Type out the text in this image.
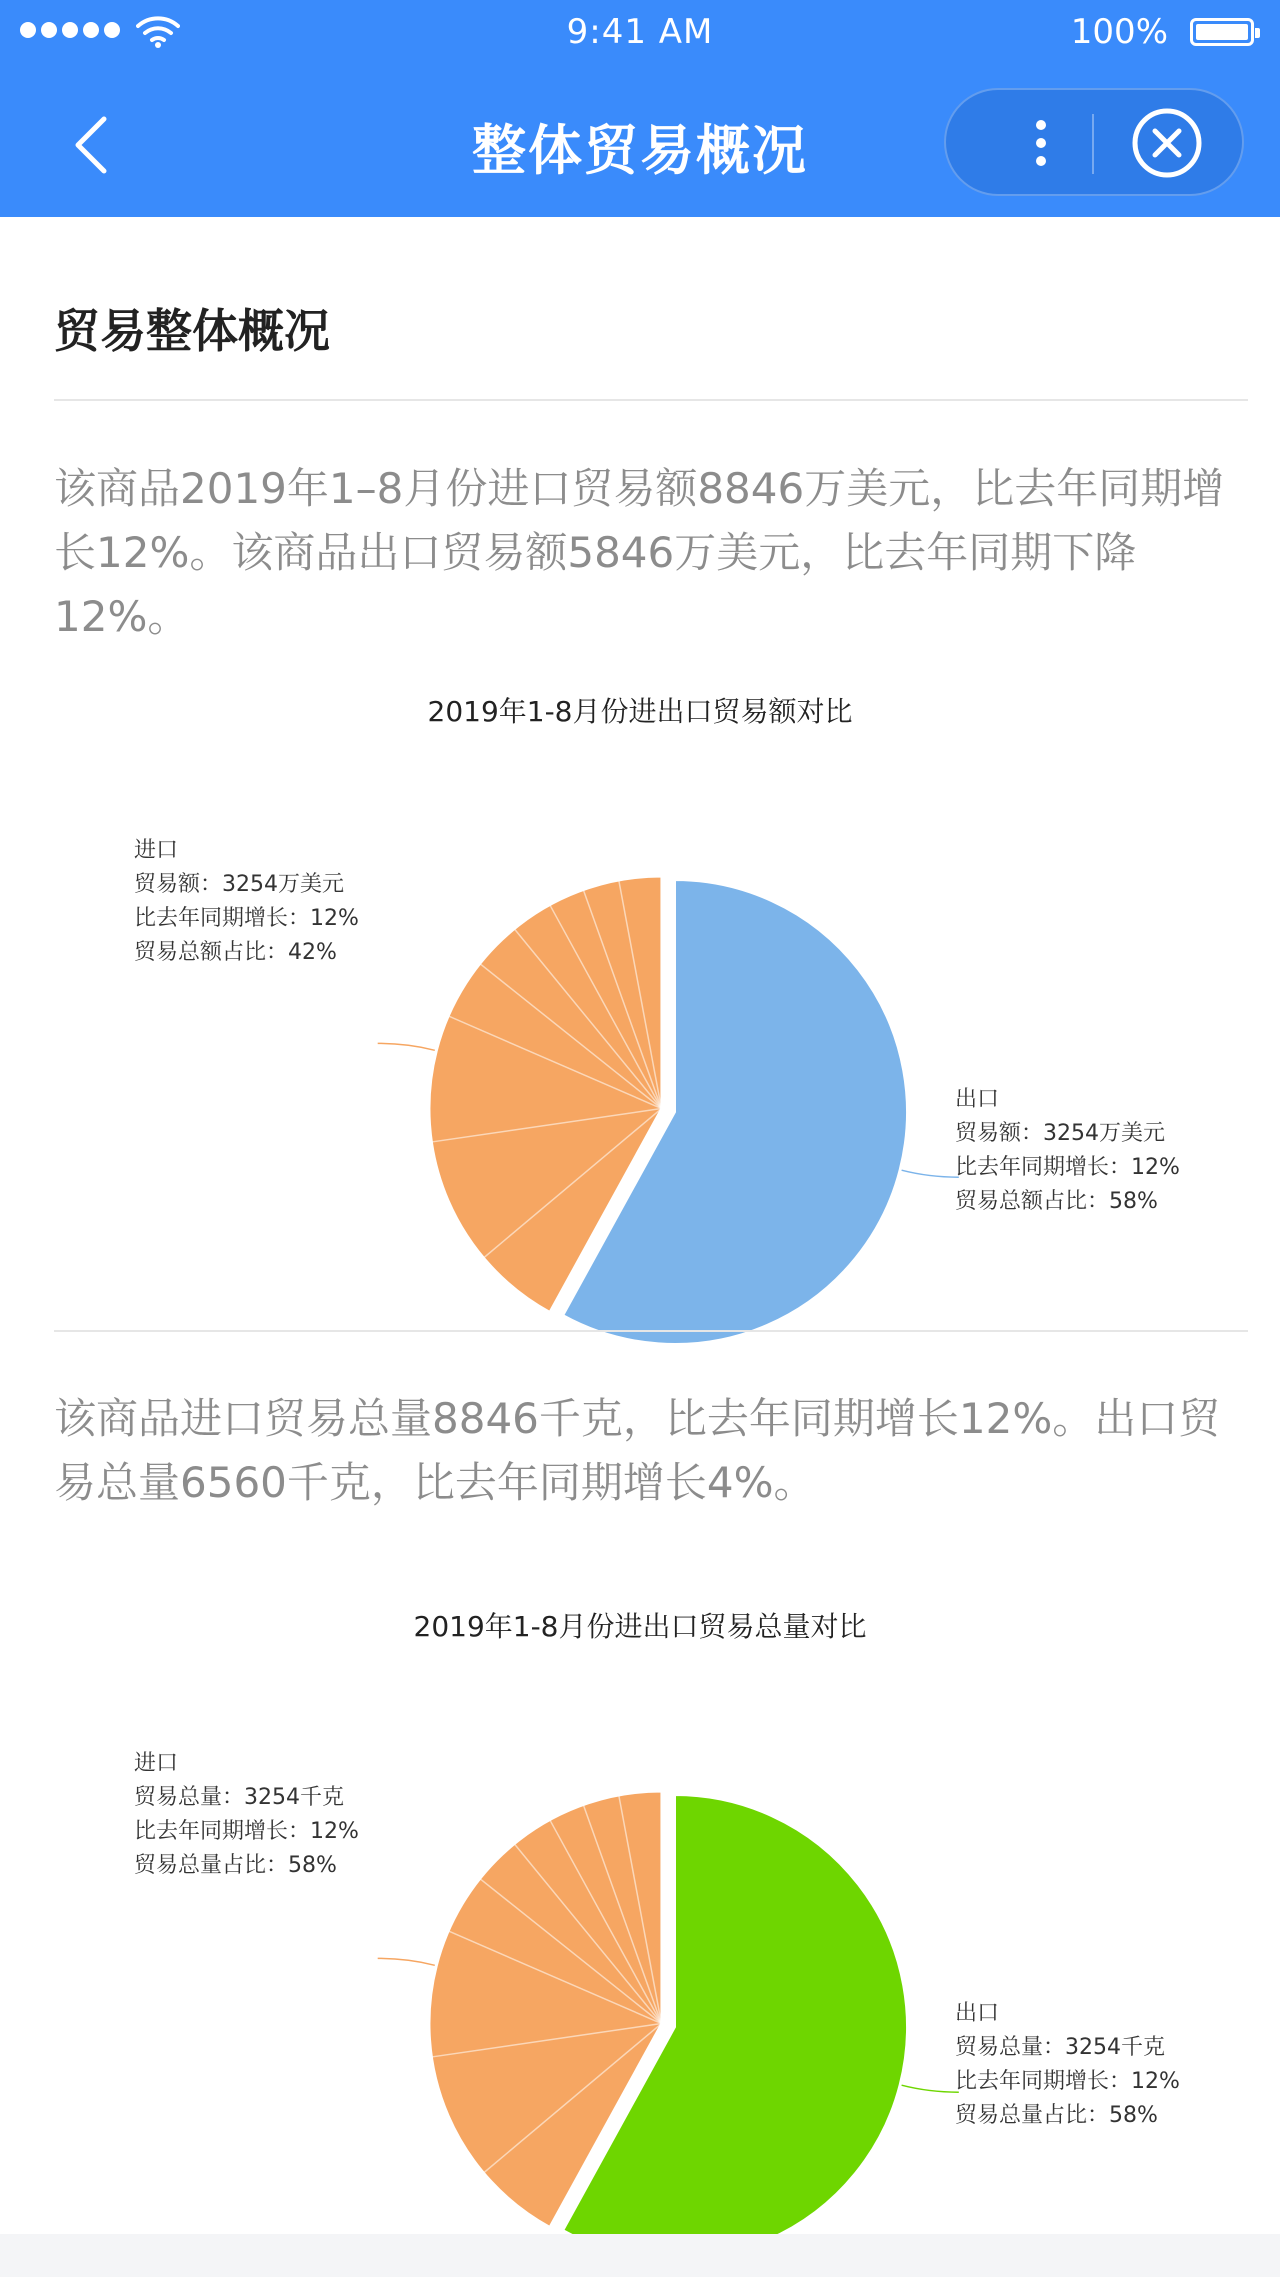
9:41 AM	100%
整体贸易概况
贸易整体概况
该商品2019年1–8月份进口贸易额8846万美元，比去年同期增长12%。该商品出口贸易额5846万美元，比去年同期下降12%。
2019年1-8月份进出口贸易额对比
进口
贸易额：3254万美元
比去年同期增长：12%
贸易总额占比：42%
出口
贸易额：3254万美元
比去年同期增长：12%
贸易总额占比：58%
该商品进口贸易总量8846千克，比去年同期增长12%。出口贸易总量6560千克，比去年同期增长4%。
2019年1-8月份进出口贸易总量对比
进口
贸易总量：3254千克
比去年同期增长：12%
贸易总量占比：58%
出口
贸易总量：3254千克
比去年同期增长：12%
贸易总量占比：58%
